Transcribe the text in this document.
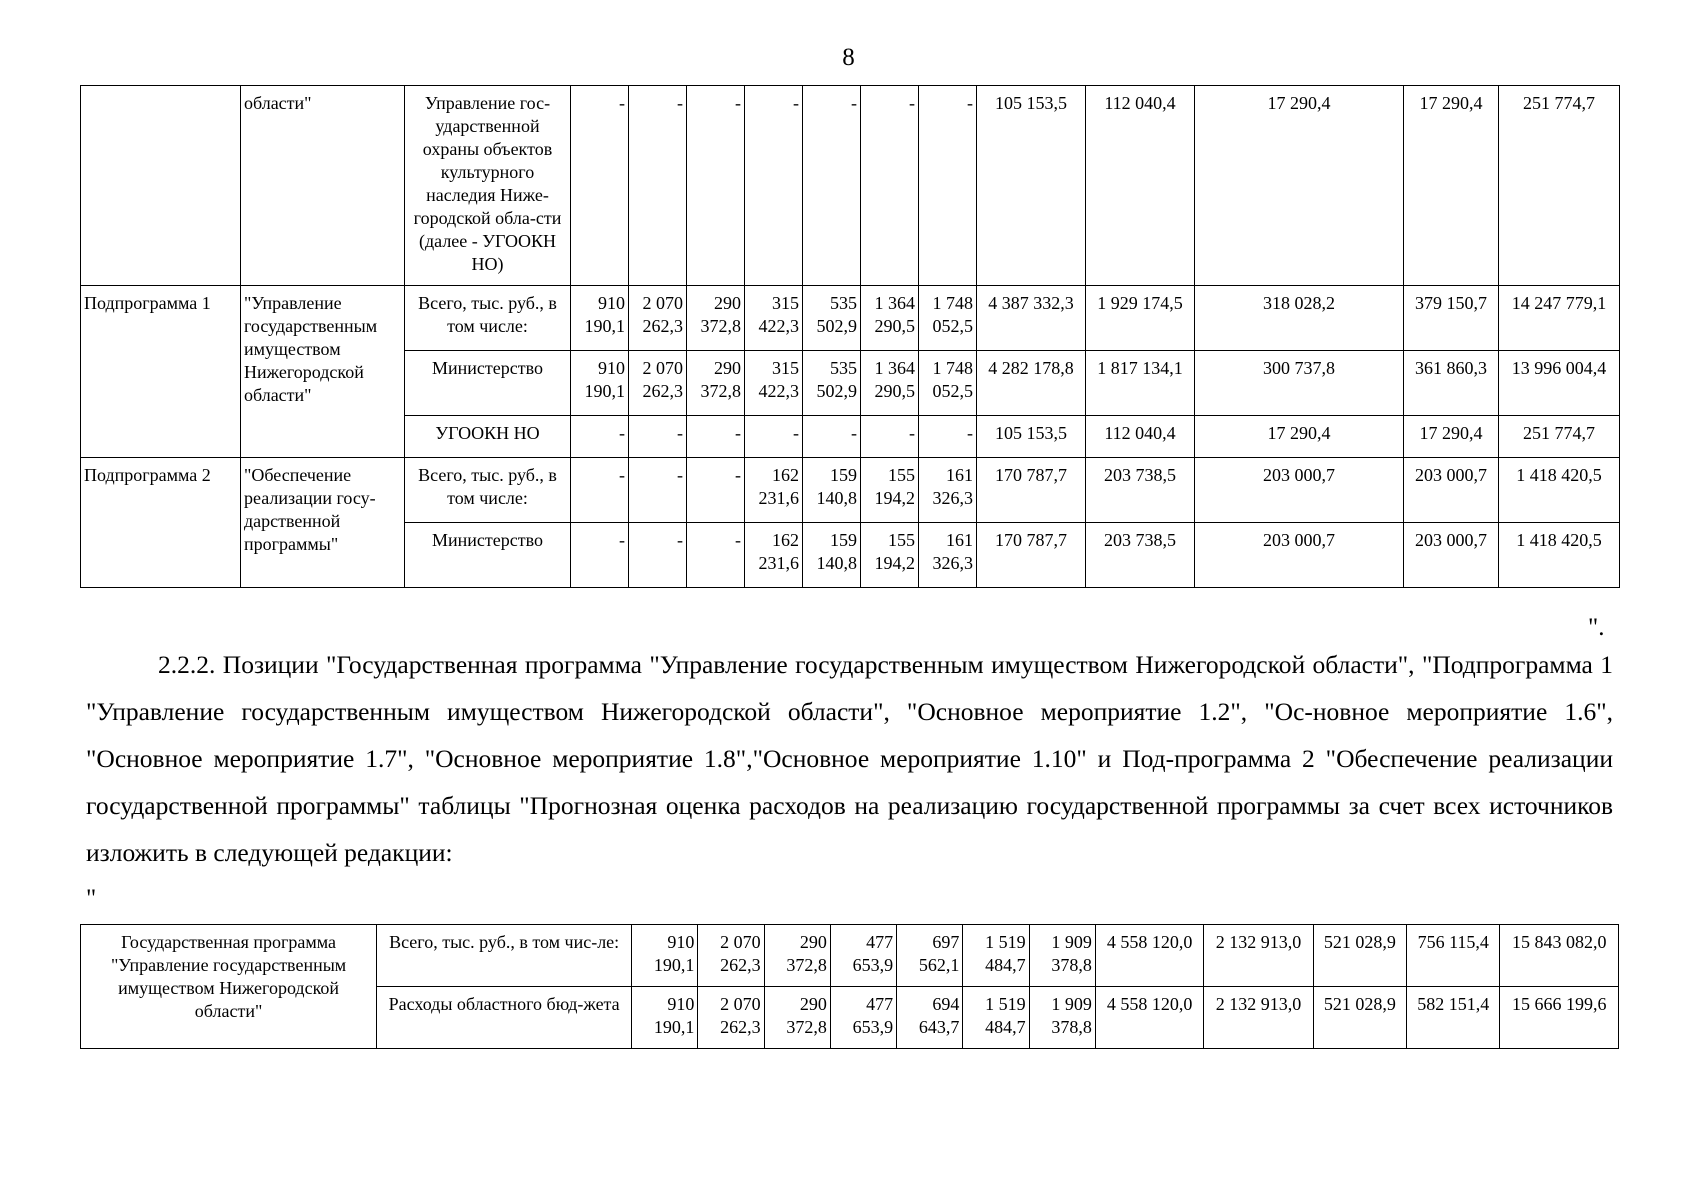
8
	области"	Управление гос-ударственной охраны объектов культурного наследия Ниже-городской обла-сти (далее - УГООКН НО)	-	-	-	-	-	-	-	105 153,5	112 040,4	17 290,4	17 290,4	251 774,7
Подпрограмма 1	"Управление государственным имуществом Нижегородской области"	Всего, тыс. руб., в том числе:	910 190,1	2 070 262,3	290 372,8	315 422,3	535 502,9	1 364 290,5	1 748 052,5	4 387 332,3	1 929 174,5	318 028,2	379 150,7	14 247 779,1
		Министерство	910 190,1	2 070 262,3	290 372,8	315 422,3	535 502,9	1 364 290,5	1 748 052,5	4 282 178,8	1 817 134,1	300 737,8	361 860,3	13 996 004,4
		УГООКН НО	-	-	-	-	-	-	-	105 153,5	112 040,4	17 290,4	17 290,4	251 774,7
Подпрограмма 2	"Обеспечение реализации госу-дарственной программы"	Всего, тыс. руб., в том числе:	-	-	-	162 231,6	159 140,8	155 194,2	161 326,3	170 787,7	203 738,5	203 000,7	203 000,7	1 418 420,5
		Министерство	-	-	-	162 231,6	159 140,8	155 194,2	161 326,3	170 787,7	203 738,5	203 000,7	203 000,7	1 418 420,5
".
2.2.2. Позиции "Государственная программа "Управление государственным имуществом Нижегородской области", "Подпрограмма 1 "Управление государственным имуществом Нижегородской области", "Основное мероприятие 1.2", "Ос-новное мероприятие 1.6", "Основное мероприятие 1.7", "Основное мероприятие 1.8","Основное мероприятие 1.10" и Под-программа 2 "Обеспечение реализации государственной программы" таблицы "Прогнозная оценка расходов на реализацию государственной программы за счет всех источников изложить в следующей редакции:
"
Государственная программа "Управление государственным имуществом Нижегородской области"	Всего, тыс. руб., в том чис-ле:	910 190,1	2 070 262,3	290 372,8	477 653,9	697 562,1	1 519 484,7	1 909 378,8	4 558 120,0	2 132 913,0	521 028,9	756 115,4	15 843 082,0
	Расходы областного бюд-жета	910 190,1	2 070 262,3	290 372,8	477 653,9	694 643,7	1 519 484,7	1 909 378,8	4 558 120,0	2 132 913,0	521 028,9	582 151,4	15 666 199,6
